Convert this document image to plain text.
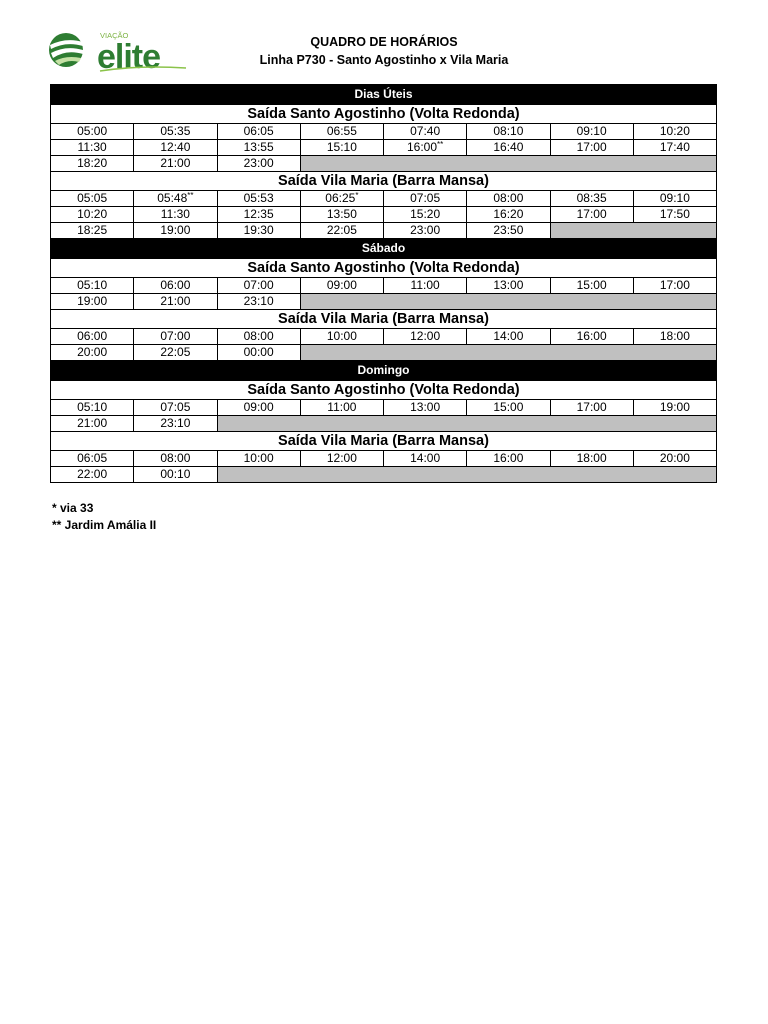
VIAÇÃO
elite	QUADRO DE HORÁRIOS
Linha P730 - Santo Agostinho x Vila Maria
Dias Úteis							
Saída Santo Agostinho (Volta Redonda)							
05:00	05:35	06:05	06:55	07:40	08:10	09:10	10:20
11:30	12:40	13:55	15:10	16:00**	16:40	17:00	17:40
18:20	21:00	23:00					
Saída Vila Maria (Barra Mansa)							
05:05	05:48**	05:53	06:25*	07:05	08:00	08:35	09:10
10:20	11:30	12:35	13:50	15:20	16:20	17:00	17:50
18:25	19:00	19:30	22:05	23:00	23:50		
Sábado							
Saída Santo Agostinho (Volta Redonda)							
05:10	06:00	07:00	09:00	11:00	13:00	15:00	17:00
19:00	21:00	23:10					
Saída Vila Maria (Barra Mansa)							
06:00	07:00	08:00	10:00	12:00	14:00	16:00	18:00
20:00	22:05	00:00					
Domingo							
Saída Santo Agostinho (Volta Redonda)							
05:10	07:05	09:00	11:00	13:00	15:00	17:00	19:00
21:00	23:10						
Saída Vila Maria (Barra Mansa)							
06:05	08:00	10:00	12:00	14:00	16:00	18:00	20:00
22:00	00:10						
* via 33
** Jardim Amália II
